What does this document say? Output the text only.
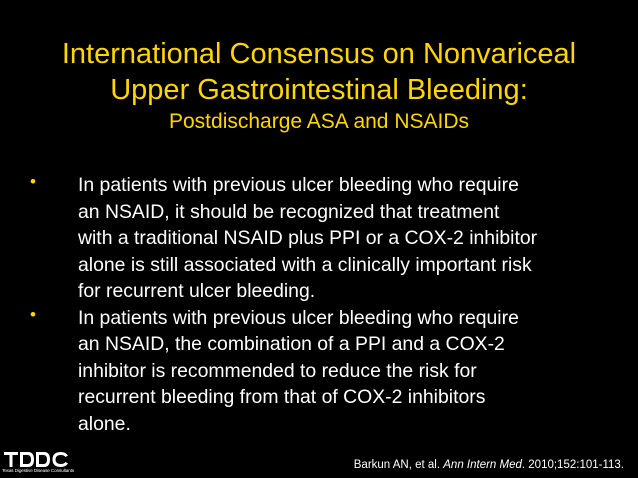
International Consensus on Nonvariceal
Upper Gastrointestinal Bleeding:
Postdischarge ASA and NSAIDs
• In patients with previous ulcer bleeding who require
an NSAID, it should be recognized that treatment
with a traditional NSAID plus PPI or a COX-2 inhibitor
alone is still associated with a clinically important risk
for recurrent ulcer bleeding.
• In patients with previous ulcer bleeding who require
an NSAID, the combination of a PPI and a COX-2
inhibitor is recommended to reduce the risk for
recurrent bleeding from that of COX-2 inhibitors
alone.
Texas Digestive Disease Consultants	Barkun AN, et al. Ann Intern Med. 2010;152:101-113.
